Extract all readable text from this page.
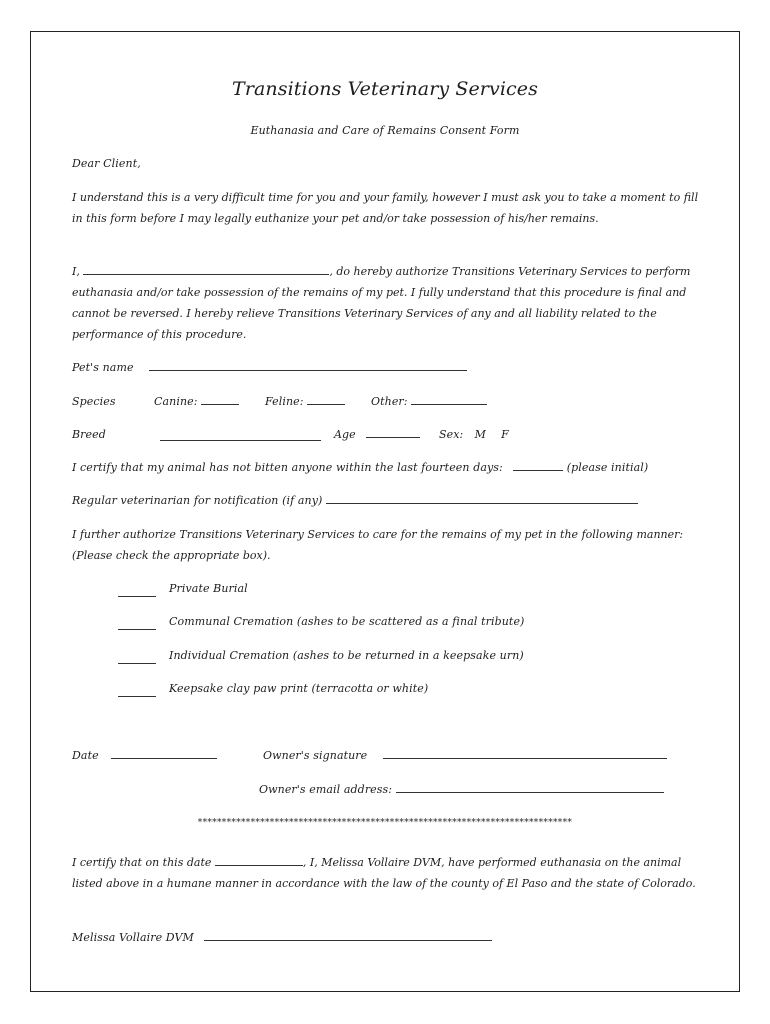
Transitions Veterinary Services
Euthanasia and Care of Remains Consent Form
Dear Client,
I understand this is a very difficult time for you and your family, however I must ask you to take a moment to fill in this form before I may legally euthanize your pet and/or take possession of his/her remains.
I,	, do hereby authorize Transitions Veterinary Services to perform euthanasia and/or take possession of the remains of my pet. I fully understand that this procedure is final and cannot be reversed. I hereby relieve Transitions Veterinary Services of any and all liability related to the performance of this procedure.
Pet's name
Species	Canine:	Feline:	Other:
Breed	Age	Sex: M F
I certify that my animal has not bitten anyone within the last fourteen days:	(please initial)
Regular veterinarian for notification (if any)
I further authorize Transitions Veterinary Services to care for the remains of my pet in the following manner: (Please check the appropriate box).
Private Burial
Communal Cremation (ashes to be scattered as a final tribute)
Individual Cremation (ashes to be returned in a keepsake urn)
Keepsake clay paw print (terracotta or white)
Date	Owner's signature
Owner's email address:
******************************************************************************
I certify that on this date	, I, Melissa Vollaire DVM, have performed euthanasia on the animal listed above in a humane manner in accordance with the law of the county of El Paso and the state of Colorado.
Melissa Vollaire DVM
